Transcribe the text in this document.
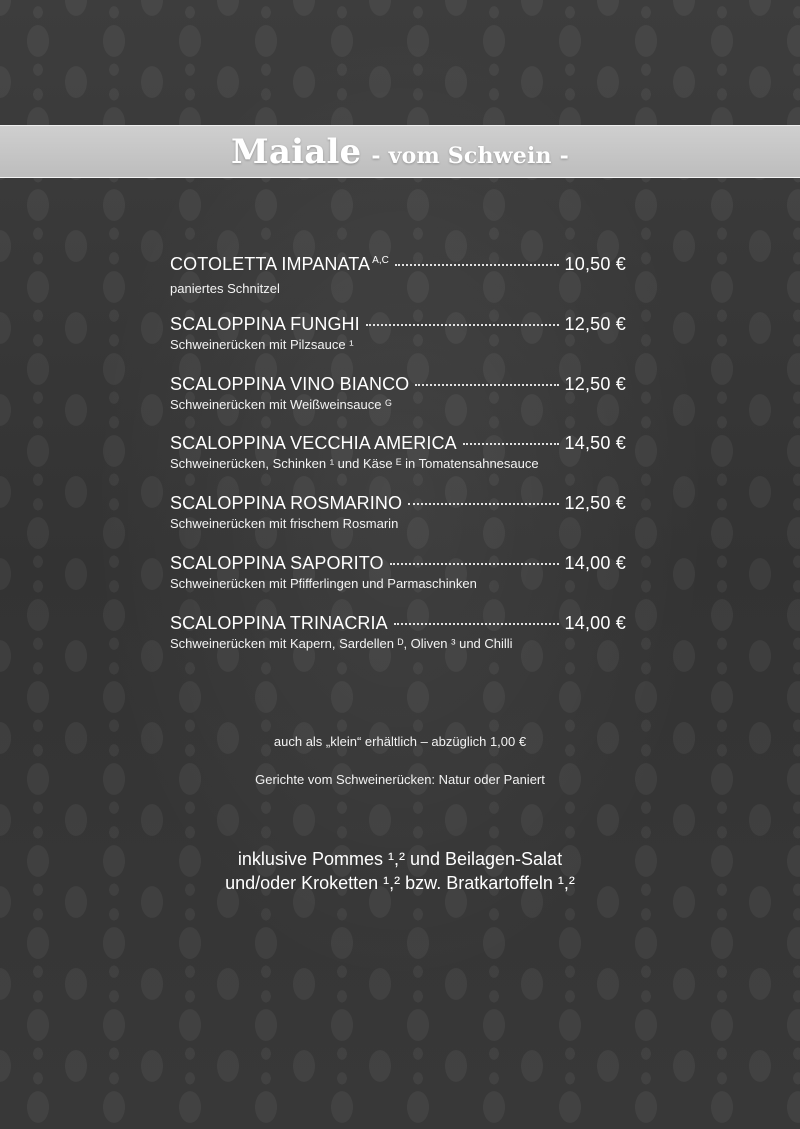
Maiale - vom Schwein -
COTOLETTA IMPANATA A,C	10,50 €
paniertes Schnitzel
SCALOPPINA FUNGHI	12,50 €
Schweinerücken mit Pilzsauce ¹
SCALOPPINA VINO BIANCO	12,50 €
Schweinerücken mit Weißweinsauce ᴳ
SCALOPPINA VECCHIA AMERICA	14,50 €
Schweinerücken, Schinken ¹ und Käse ᴱ in Tomatensahnesauce
SCALOPPINA ROSMARINO	12,50 €
Schweinerücken mit frischem Rosmarin
SCALOPPINA SAPORITO	14,00 €
Schweinerücken mit Pfifferlingen und Parmaschinken
SCALOPPINA TRINACRIA	14,00 €
Schweinerücken mit Kapern, Sardellen ᴰ, Oliven ³ und Chilli
auch als „klein“ erhältlich – abzüglich 1,00 €
Gerichte vom Schweinerücken: Natur oder Paniert
inklusive Pommes ¹,² und Beilagen-Salat
und/oder Kroketten ¹,² bzw. Bratkartoffeln ¹,²
